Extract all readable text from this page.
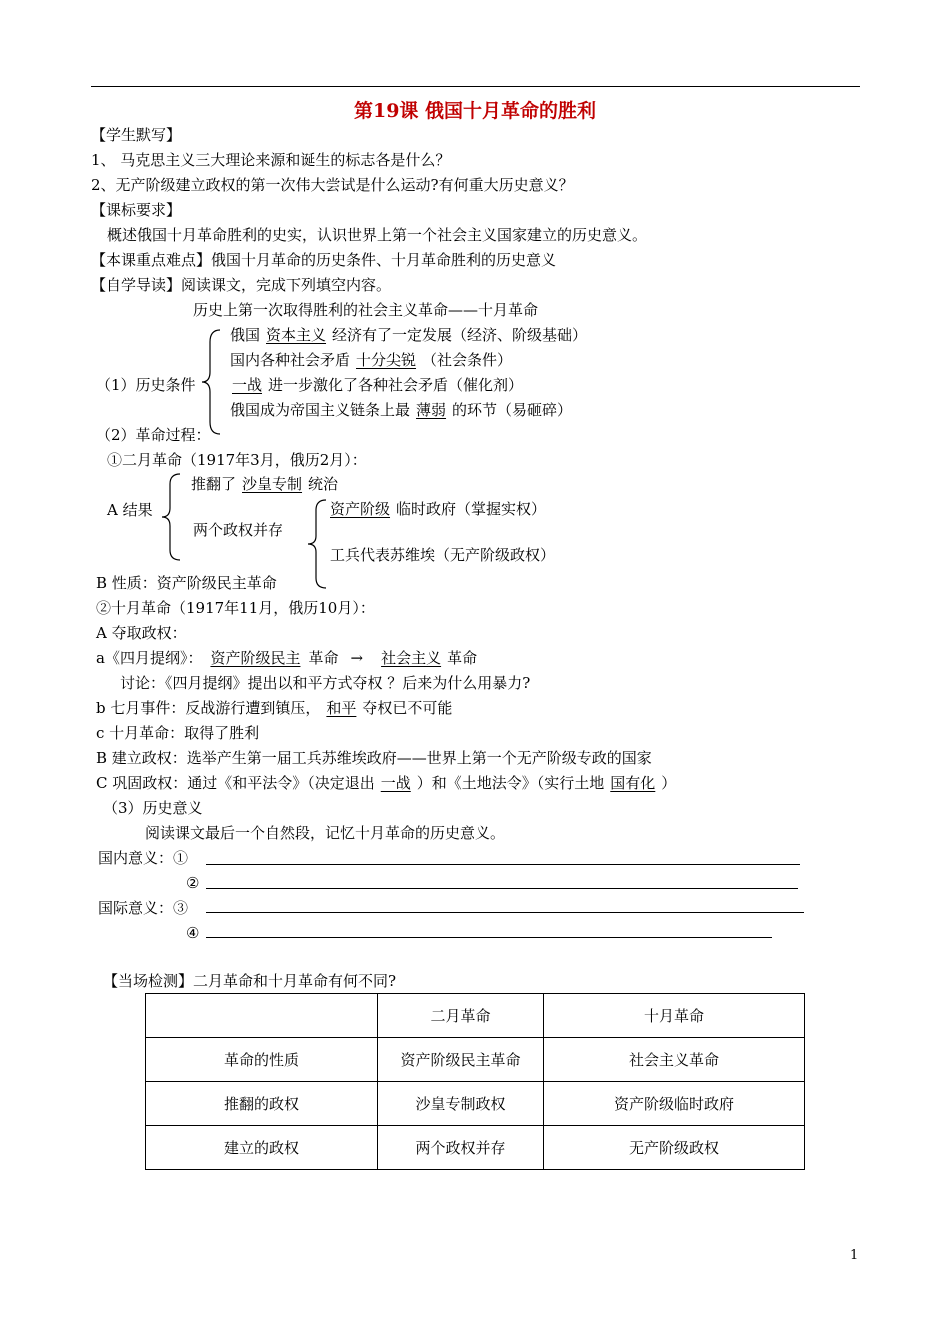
第19课 俄国十月革命的胜利
【学生默写】
1、 马克思主义三大理论来源和诞生的标志各是什么？
2、无产阶级建立政权的第一次伟大尝试是什么运动?有何重大历史意义？
【课标要求】
概述俄国十月革命胜利的史实，认识世界上第一个社会主义国家建立的历史意义。
【本课重点难点】俄国十月革命的历史条件、十月革命胜利的历史意义
【自学导读】阅读课文，完成下列填空内容。
历史上第一次取得胜利的社会主义革命——十月革命
俄国 资本主义 经济有了一定发展（经济、阶级基础）
国内各种社会矛盾 十分尖锐 （社会条件）
（1）历史条件 一战 进一步激化了各种社会矛盾（催化剂）
俄国成为帝国主义链条上最 薄弱 的环节（易砸碎）
（2）革命过程：
①二月革命（1917年3月，俄历2月）：
推翻了 沙皇专制 统治
A 结果
两个政权并存
资产阶级 临时政府（掌握实权）
工兵代表苏维埃（无产阶级政权）
B 性质：资产阶级民主革命
②十月革命（1917年11月，俄历10月）：
A 夺取政权：
a《四月提纲》： 资产阶级民主 革命 → 社会主义 革命
讨论：《四月提纲》提出以和平方式夺权 ？后来为什么用暴力?
b 七月事件：反战游行遭到镇压， 和平 夺权已不可能
c 十月革命：取得了胜利
B 建立政权：选举产生第一届工兵苏维埃政府——世界上第一个无产阶级专政的国家
C 巩固政权：通过《和平法令》（决定退出 一战 ）和《土地法令》（实行土地 国有化 ）
（3）历史意义
阅读课文最后一个自然段，记忆十月革命的历史意义。
国内意义：①
②
国际意义：③
④
【当场检测】二月革命和十月革命有何不同?
	二月革命	十月革命
革命的性质	资产阶级民主革命	社会主义革命
推翻的政权	沙皇专制政权	资产阶级临时政府
建立的政权	两个政权并存	无产阶级政权
1
